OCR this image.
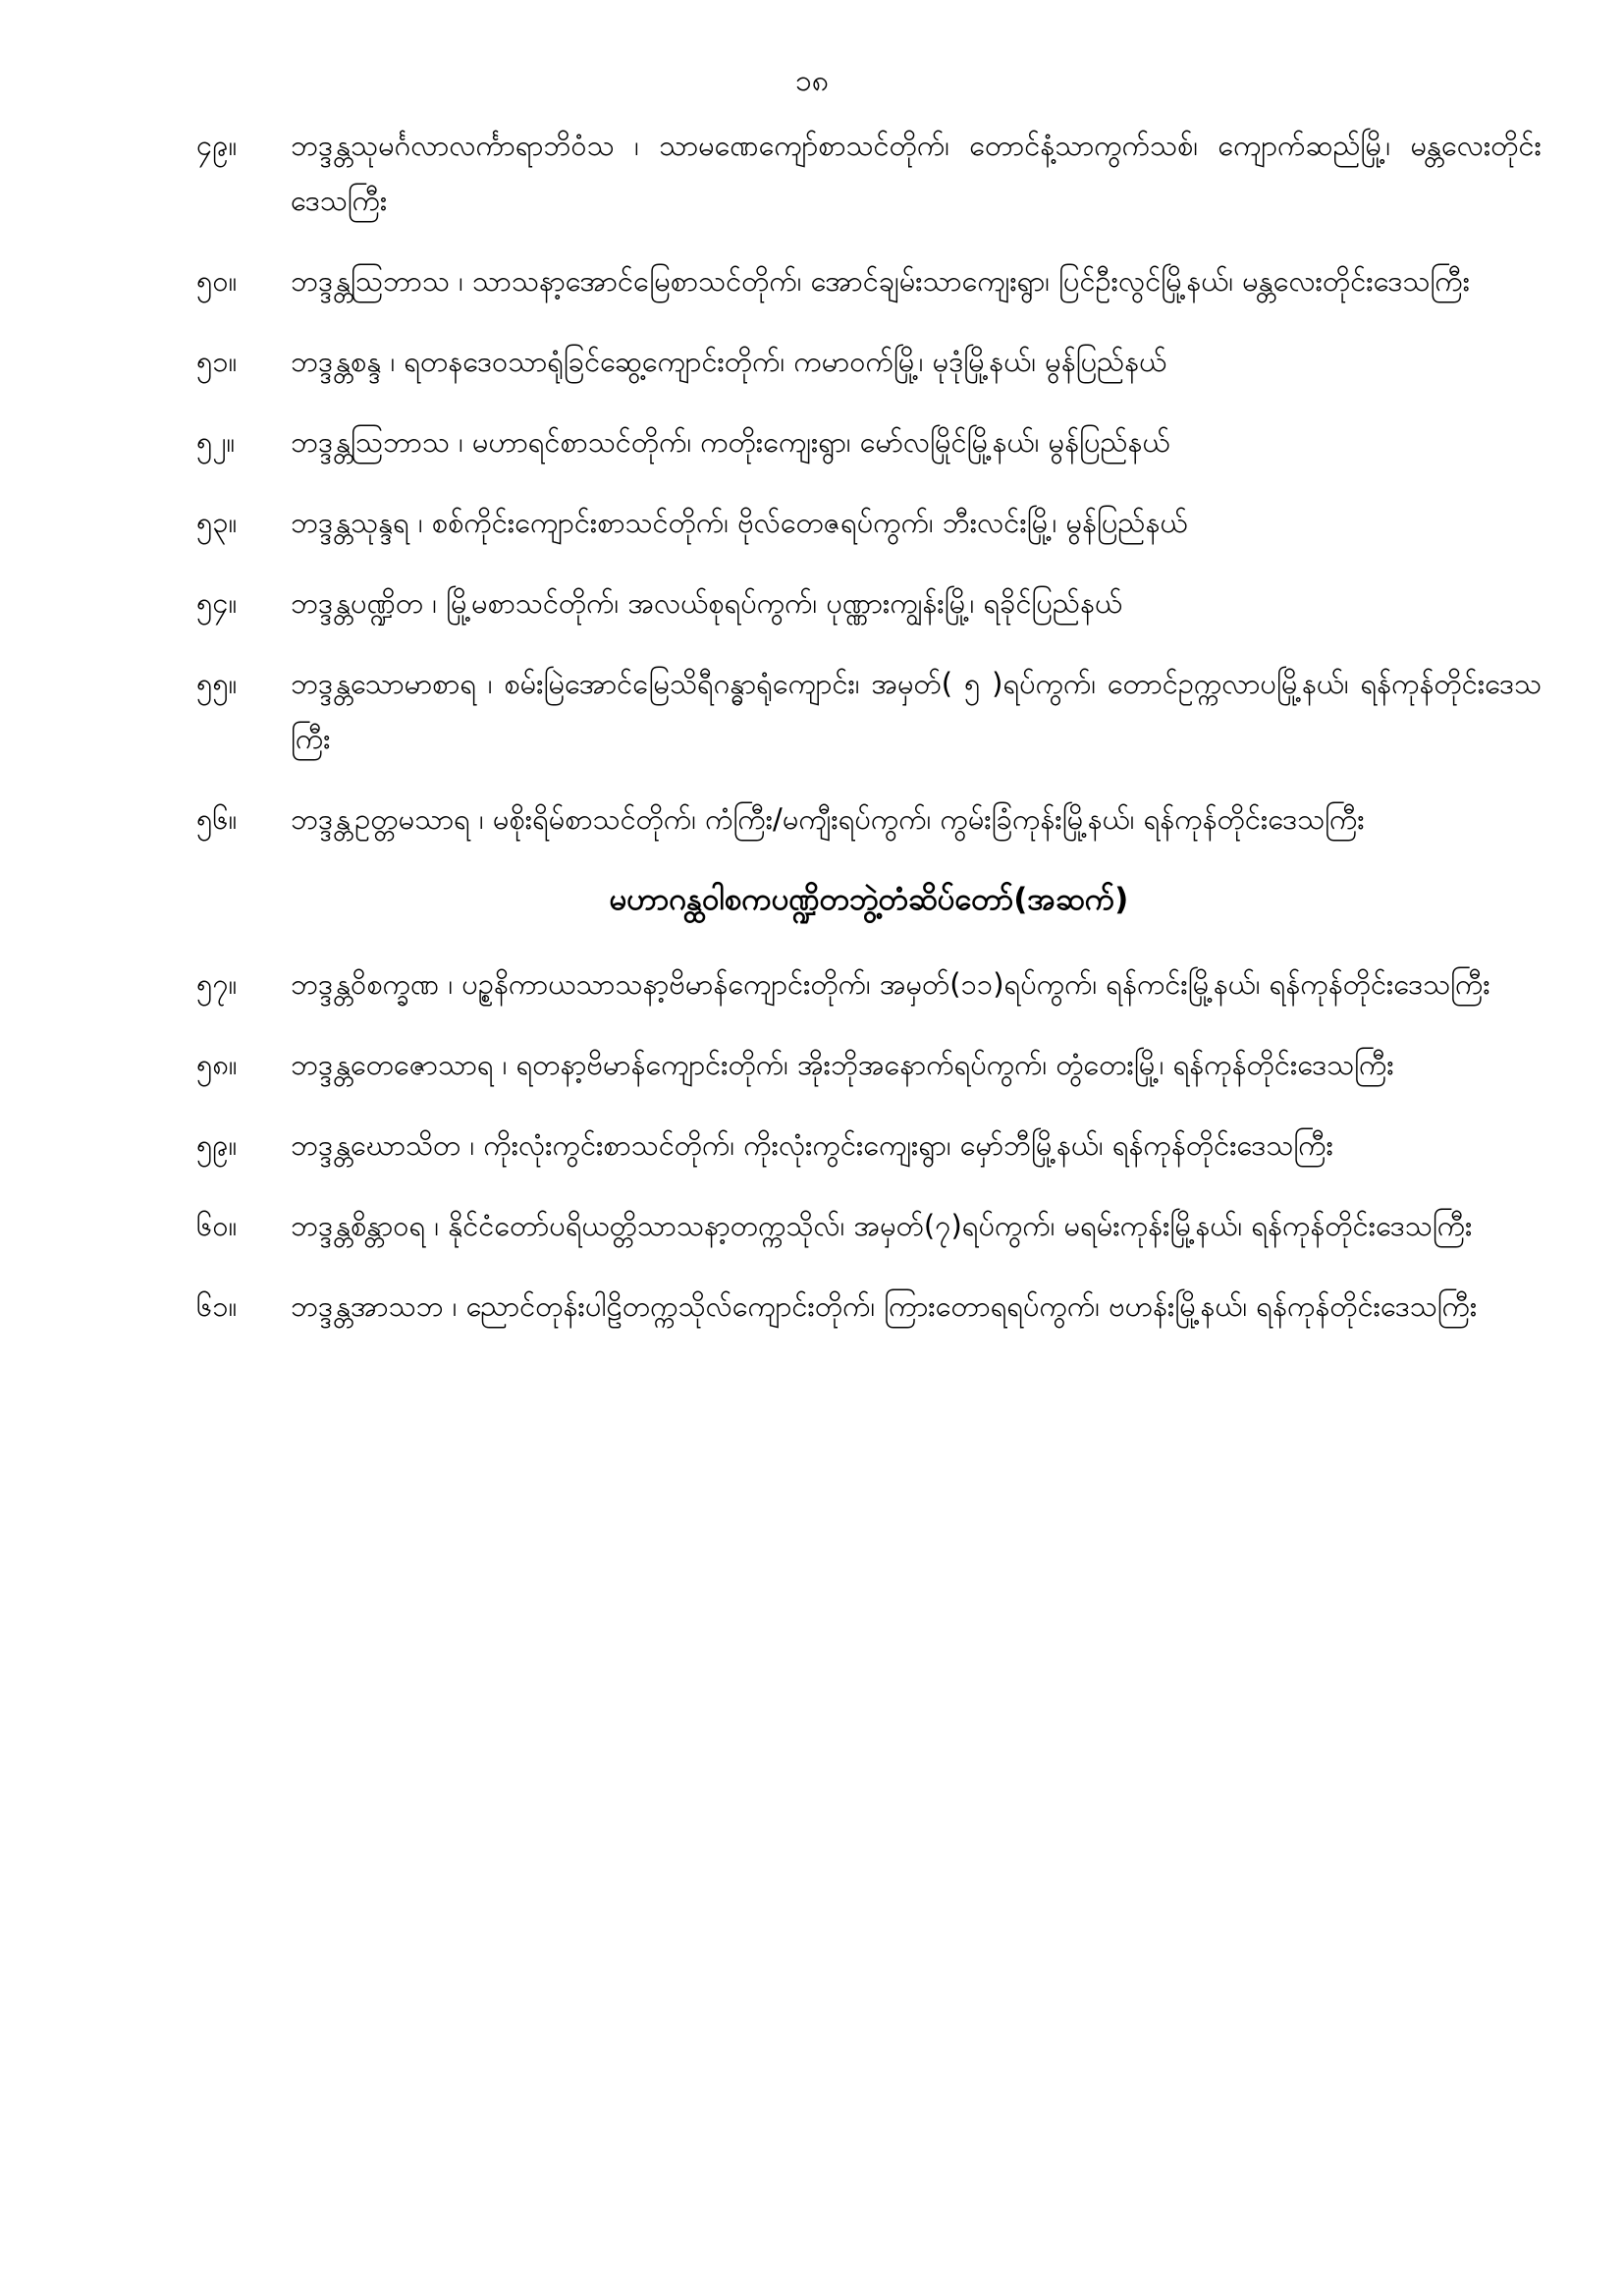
၁၈
၄၉။	ဘဒ္ဒန္တသုမင်္ဂလာလင်္ကာရာဘိဝံသ ၊ သာမဏေကျော်စာသင်တိုက်၊ တောင်နံ့သာကွက်သစ်၊ ကျောက်ဆည်မြို့၊ မန္တလေးတိုင်းဒေသကြီး
၅၀။	ဘဒ္ဒန္တသြဘာသ ၊ သာသနာ့အောင်မြေစာသင်တိုက်၊ အောင်ချမ်းသာကျေးရွာ၊ ပြင်ဦးလွင်မြို့နယ်၊ မန္တလေးတိုင်းဒေသကြီး
၅၁။	ဘဒ္ဒန္တစန္ဒ ၊ ရတနဒေဝသာရုံခြင်ဆွေ့ကျောင်းတိုက်၊ ကမာဝက်မြို့၊ မုဒုံမြို့နယ်၊ မွန်ပြည်နယ်
၅၂။	ဘဒ္ဒန္တသြဘာသ ၊ မဟာရင်စာသင်တိုက်၊ ကတိုးကျေးရွာ၊ မော်လမြိုင်မြို့နယ်၊ မွန်ပြည်နယ်
၅၃။	ဘဒ္ဒန္တသုန္ဒရ ၊ စစ်ကိုင်းကျောင်းစာသင်တိုက်၊ ဗိုလ်တေဇရပ်ကွက်၊ ဘီးလင်းမြို့၊ မွန်ပြည်နယ်
၅၄။	ဘဒ္ဒန္တပဏ္ဍိတ ၊ မြို့မစာသင်တိုက်၊ အလယ်စုရပ်ကွက်၊ ပုဏ္ဏားကျွန်းမြို့၊ ရခိုင်ပြည်နယ်
၅၅။	ဘဒ္ဒန္တသောမာစာရ ၊ စမ်းမြဲအောင်မြေသိရီဂန္ဓာရုံကျောင်း၊ အမှတ်( ၅ )ရပ်ကွက်၊ တောင်ဥက္ကလာပမြို့နယ်၊ ရန်ကုန်တိုင်းဒေသကြီး
၅၆။	ဘဒ္ဒန္တဥတ္တမသာရ ၊ မစိုးရိမ်စာသင်တိုက်၊ ကံကြီး/မကျီးရပ်ကွက်၊ ကွမ်းခြံကုန်းမြို့နယ်၊ ရန်ကုန်တိုင်းဒေသကြီး
မဟာဂန္ထဝါစကပဏ္ဍိတဘွဲ့တံဆိပ်တော်(အဆက်)
၅၇။	ဘဒ္ဒန္တဝိစက္ခဏ ၊ ပဉ္စနိကာယသာသနာ့ဗိမာန်ကျောင်းတိုက်၊ အမှတ်(၁၁)ရပ်ကွက်၊ ရန်ကင်းမြို့နယ်၊ ရန်ကုန်တိုင်းဒေသကြီး
၅၈။	ဘဒ္ဒန္တတေဇောသာရ ၊ ရတနာ့ဗိမာန်ကျောင်းတိုက်၊ အိုးဘိုအနောက်ရပ်ကွက်၊ တွံတေးမြို့၊ ရန်ကုန်တိုင်းဒေသကြီး
၅၉။	ဘဒ္ဒန္တဃောသိတ ၊ ကိုးလုံးကွင်းစာသင်တိုက်၊ ကိုးလုံးကွင်းကျေးရွာ၊ မှော်ဘီမြို့နယ်၊ ရန်ကုန်တိုင်းဒေသကြီး
၆၀။	ဘဒ္ဒန္တစိန္တာဝရ ၊ နိုင်ငံတော်ပရိယတ္တိသာသနာ့တက္ကသိုလ်၊ အမှတ်(၇)ရပ်ကွက်၊ မရမ်းကုန်းမြို့နယ်၊ ရန်ကုန်တိုင်းဒေသကြီး
၆၁။	ဘဒ္ဒန္တအာသဘ ၊ ညောင်တုန်းပါဠိတက္ကသိုလ်ကျောင်းတိုက်၊ ကြားတောရရပ်ကွက်၊ ဗဟန်းမြို့နယ်၊ ရန်ကုန်တိုင်းဒေသကြီး
